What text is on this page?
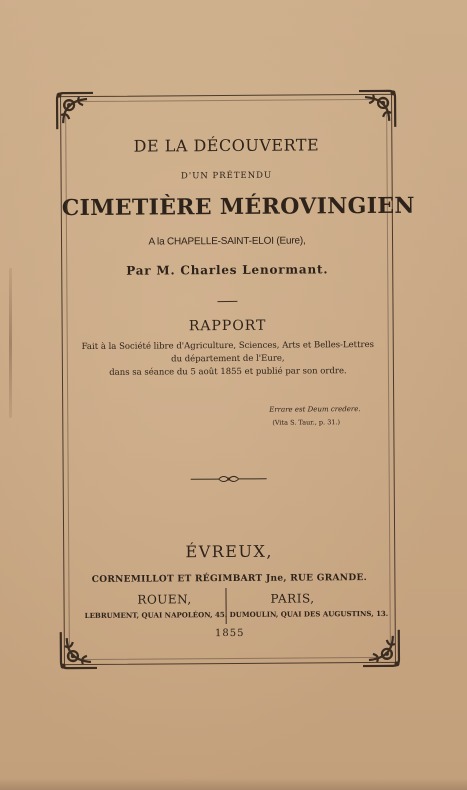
DE LA DÉCOUVERTE
D'UN PRÉTENDU
CIMETIÈRE MÉROVINGIEN
A la CHAPELLE-SAINT-ELOI (Eure),
Par M. Charles Lenormant.
RAPPORT
Fait à la Société libre d'Agriculture, Sciences, Arts et Belles-Lettres
du département de l'Eure,
dans sa séance du 5 août 1855 et publié par son ordre.
Errare est Deum credere.
(Vita S. Taur., p. 31.)
ÉVREUX,
CORNEMILLOT ET RÉGIMBART Jne, RUE GRANDE.
ROUEN,	PARIS,
LEBRUMENT, QUAI NAPOLÉON, 45. DUMOULIN, QUAI DES AUGUSTINS, 13.
1855
